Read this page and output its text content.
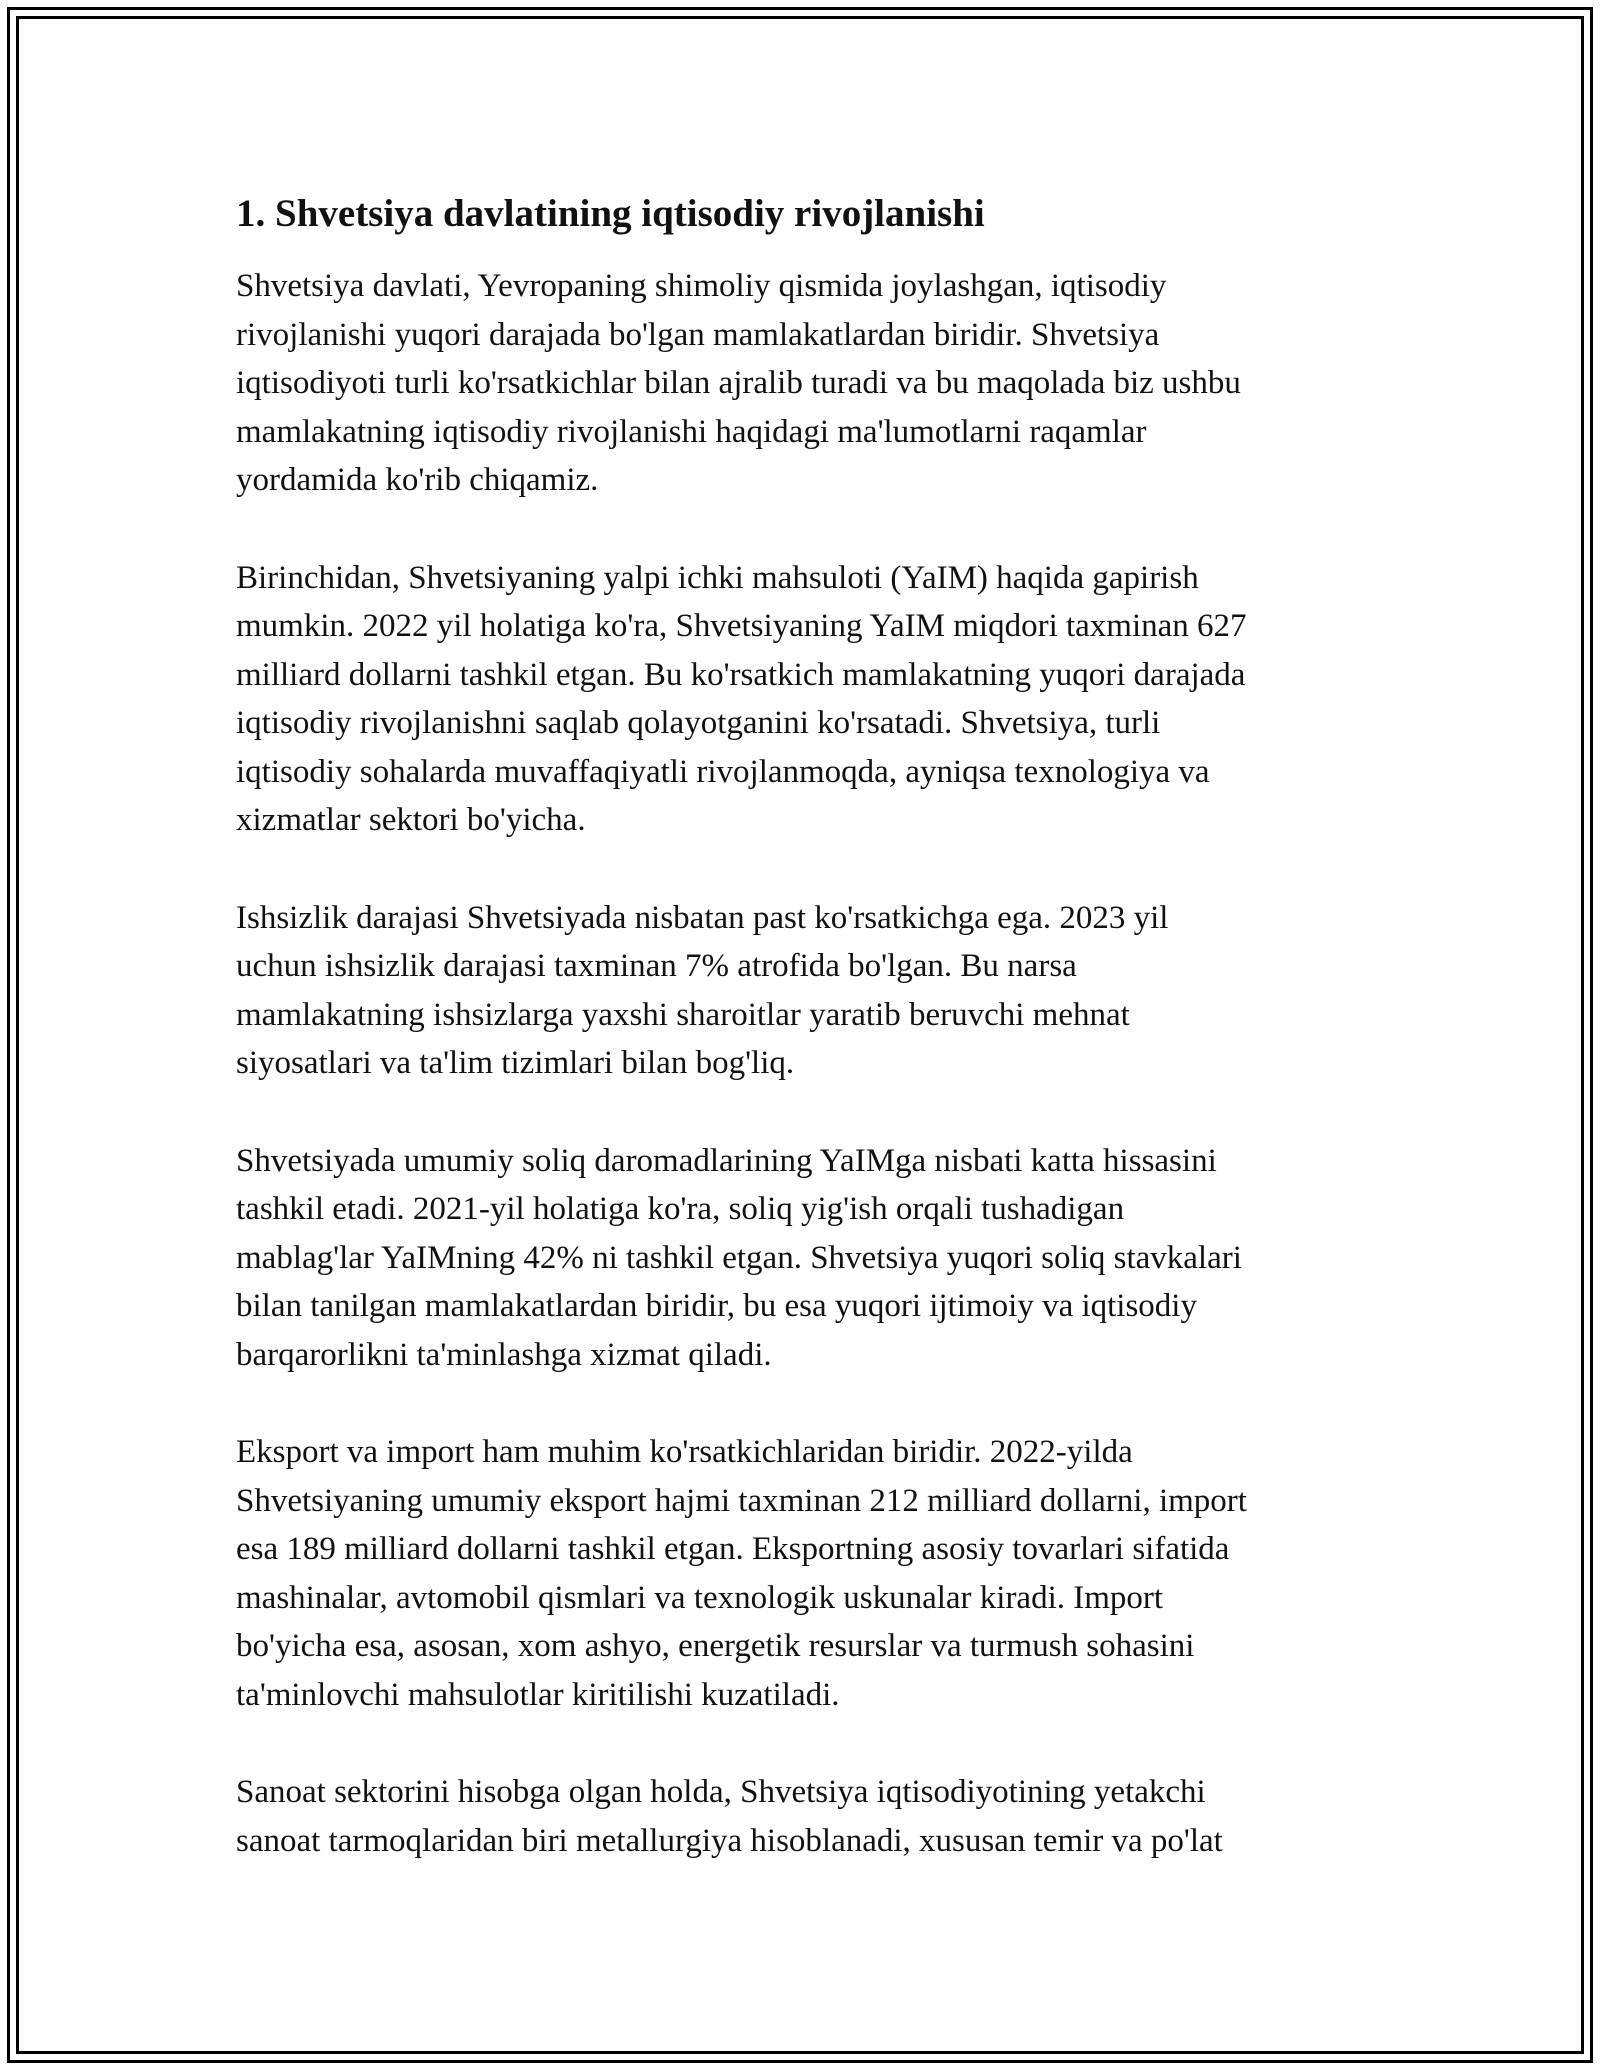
1. Shvetsiya davlatining iqtisodiy rivojlanishi

Shvetsiya davlati, Yevropaning shimoliy qismida joylashgan, iqtisodiy
rivojlanishi yuqori darajada bo'lgan mamlakatlardan biridir. Shvetsiya
iqtisodiyoti turli ko'rsatkichlar bilan ajralib turadi va bu maqolada biz ushbu
mamlakatning iqtisodiy rivojlanishi haqidagi ma'lumotlarni raqamlar
yordamida ko'rib chiqamiz.

Birinchidan, Shvetsiyaning yalpi ichki mahsuloti (YaIM) haqida gapirish
mumkin. 2022 yil holatiga ko'ra, Shvetsiyaning YaIM miqdori taxminan 627
milliard dollarni tashkil etgan. Bu ko'rsatkich mamlakatning yuqori darajada
iqtisodiy rivojlanishni saqlab qolayotganini ko'rsatadi. Shvetsiya, turli
iqtisodiy sohalarda muvaffaqiyatli rivojlanmoqda, ayniqsa texnologiya va
xizmatlar sektori bo'yicha.

Ishsizlik darajasi Shvetsiyada nisbatan past ko'rsatkichga ega. 2023 yil
uchun ishsizlik darajasi taxminan 7% atrofida bo'lgan. Bu narsa
mamlakatning ishsizlarga yaxshi sharoitlar yaratib beruvchi mehnat
siyosatlari va ta'lim tizimlari bilan bog'liq.

Shvetsiyada umumiy soliq daromadlarining YaIMga nisbati katta hissasini
tashkil etadi. 2021-yil holatiga ko'ra, soliq yig'ish orqali tushadigan
mablag'lar YaIMning 42% ni tashkil etgan. Shvetsiya yuqori soliq stavkalari
bilan tanilgan mamlakatlardan biridir, bu esa yuqori ijtimoiy va iqtisodiy
barqarorlikni ta'minlashga xizmat qiladi.

Eksport va import ham muhim ko'rsatkichlaridan biridir. 2022-yilda
Shvetsiyaning umumiy eksport hajmi taxminan 212 milliard dollarni, import
esa 189 milliard dollarni tashkil etgan. Eksportning asosiy tovarlari sifatida
mashinalar, avtomobil qismlari va texnologik uskunalar kiradi. Import
bo'yicha esa, asosan, xom ashyo, energetik resurslar va turmush sohasini
ta'minlovchi mahsulotlar kiritilishi kuzatiladi.

Sanoat sektorini hisobga olgan holda, Shvetsiya iqtisodiyotining yetakchi
sanoat tarmoqlaridan biri metallurgiya hisoblanadi, xususan temir va po'lat
